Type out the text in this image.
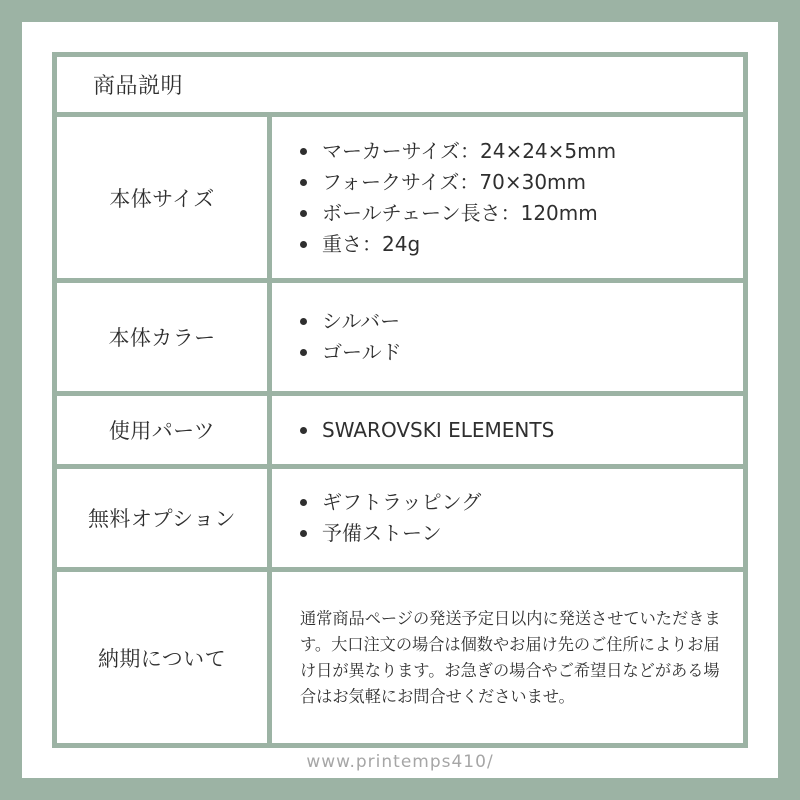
商品説明
本体サイズ
マーカーサイズ：24×24×5mm
フォークサイズ：70×30mm
ボールチェーン長さ：120mm
重さ：24g
本体カラー
シルバー
ゴールド
使用パーツ	SWAROVSKI ELEMENTS
無料オプション
ギフトラッピング
予備ストーン
納期について

通常商品ページの発送予定日以内に発送させていただきます。大口注文の場合は個数やお届け先のご住所によりお届け日が異なります。お急ぎの場合やご希望日などがある場合はお気軽にお問合せくださいませ。

www.printemps410/
